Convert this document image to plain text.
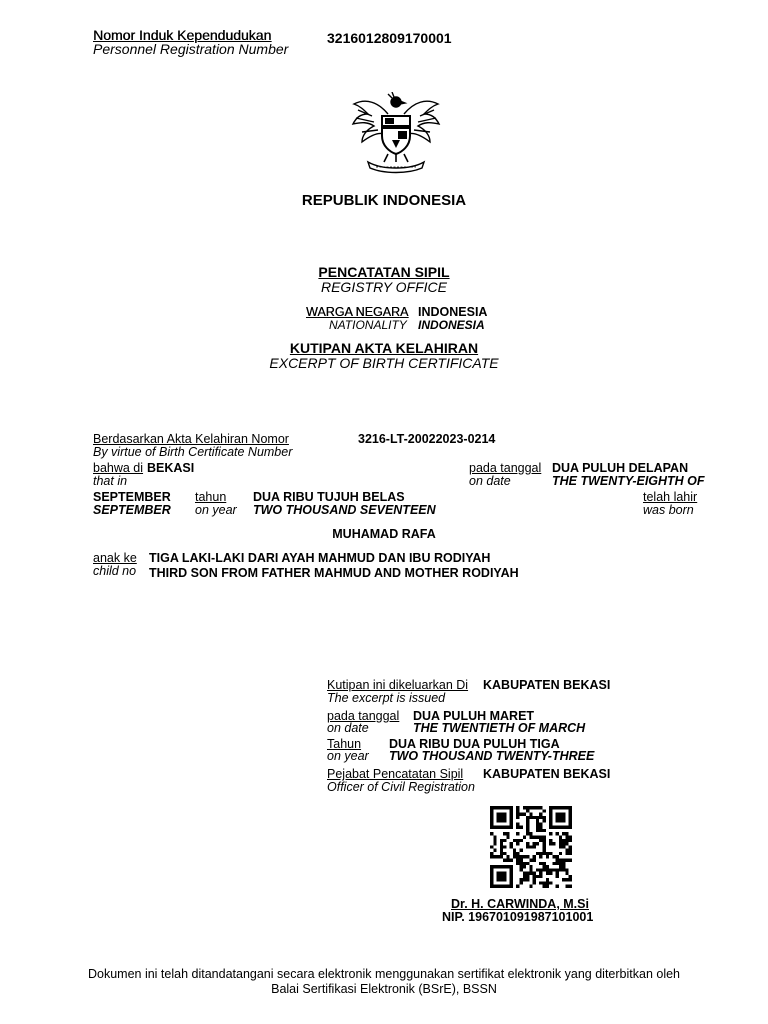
Nomor Induk Kependudukan
Personnel Registration Number
3216012809170001
REPUBLIK INDONESIA
PENCATATAN SIPIL
REGISTRY OFFICE
WARGA NEGARA INDONESIA
NATIONALITY INDONESIA
KUTIPAN AKTA KELAHIRAN
EXCERPT OF BIRTH CERTIFICATE
Berdasarkan Akta Kelahiran Nomor
By virtue of Birth Certificate Number
3216-LT-20022023-0214
bahwa di BEKASI
that in
pada tanggal
on date
DUA PULUH DELAPAN
THE TWENTY-EIGHTH OF
SEPTEMBER
SEPTEMBER
tahun
on year
DUA RIBU TUJUH BELAS
TWO THOUSAND SEVENTEEN
telah lahir
was born
MUHAMAD RAFA
anak ke
child no
TIGA LAKI-LAKI DARI AYAH MAHMUD DAN IBU RODIYAH
THIRD SON FROM FATHER MAHMUD AND MOTHER RODIYAH
Kutipan ini dikeluarkan Di
The excerpt is issued
KABUPATEN BEKASI
pada tanggal
on date
DUA PULUH MARET
THE TWENTIETH OF MARCH
Tahun
on year
DUA RIBU DUA PULUH TIGA
TWO THOUSAND TWENTY-THREE
Pejabat Pencatatan Sipil
Officer of Civil Registration
KABUPATEN BEKASI
Dr. H. CARWINDA, M.Si
NIP. 196701091987101001
Dokumen ini telah ditandatangani secara elektronik menggunakan sertifikat elektronik yang diterbitkan oleh
Balai Sertifikasi Elektronik (BSrE), BSSN
